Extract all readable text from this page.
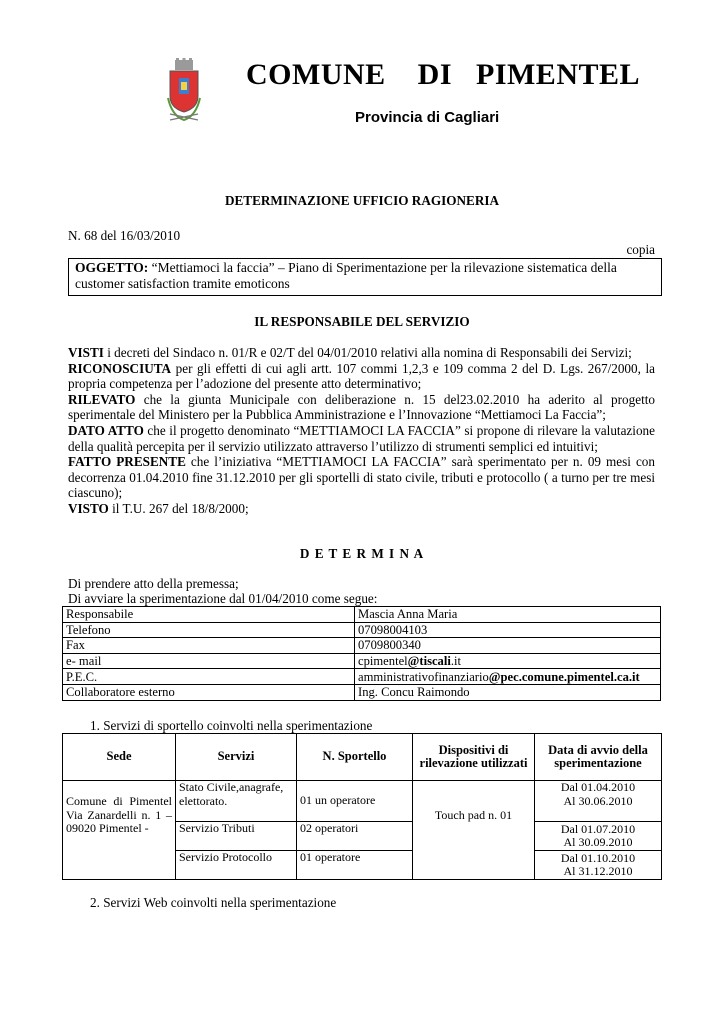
COMUNE    DI   PIMENTEL
Provincia di Cagliari
DETERMINAZIONE UFFICIO RAGIONERIA
N. 68 del 16/03/2010
copia
OGGETTO: “Mettiamoci la faccia” – Piano di Sperimentazione per la rilevazione sistematica della customer satisfaction tramite emoticons
IL RESPONSABILE DEL SERVIZIO

VISTI i decreti del Sindaco n. 01/R e 02/T del 04/01/2010 relativi alla nomina di Responsabili dei Servizi;

RICONOSCIUTA per gli effetti di cui agli artt. 107 commi 1,2,3 e 109 comma 2 del D. Lgs. 267/2000, la propria competenza per l’adozione del presente atto determinativo;

RILEVATO che la giunta Municipale con deliberazione n. 15 del23.02.2010 ha aderito al progetto sperimentale del Ministero per la Pubblica Amministrazione e l’Innovazione “Mettiamoci La Faccia”;

DATO ATTO che il progetto denominato “METTIAMOCI LA FACCIA” si propone di rilevare la valutazione della qualità percepita per il servizio utilizzato attraverso l’utilizzo di strumenti semplici ed intuitivi;

FATTO PRESENTE che l’iniziativa “METTIAMOCI LA FACCIA” sarà sperimentato per n. 09 mesi con decorrenza 01.04.2010 fine 31.12.2010 per gli sportelli di stato civile, tributi e protocollo ( a turno per tre mesi ciascuno);

VISTO il T.U. 267 del 18/8/2000;

D E T E R M I N A
Di prendere atto della premessa;
Di avviare la sperimentazione dal 01/04/2010 come segue:
Responsabile	Mascia Anna Maria
Telefono	07098004103
Fax	0709800340
e- mail	cpimentel@tiscali.it
P.E.C.	amministrativofinanziario@pec.comune.pimentel.ca.it
Collaboratore esterno	Ing. Concu Raimondo
1. Servizi di sportello coinvolti nella sperimentazione
Sede	Servizi	N. Sportello	Dispositivi di rilevazione utilizzati	Data di avvio della sperimentazione
Comune di Pimentel Via Zanardelli n. 1 – 09020 Pimentel -	Stato Civile,anagrafe, elettorato.	01 un operatore	Touch pad n. 01	Dal 01.04.2010
Al 30.06.2010

	Servizio Tributi	02 operatori		Dal 01.07.2010
Al 30.09.2010

	Servizio Protocollo	01 operatore		Dal 01.10.2010
Al 31.12.2010
2. Servizi Web coinvolti nella sperimentazione
